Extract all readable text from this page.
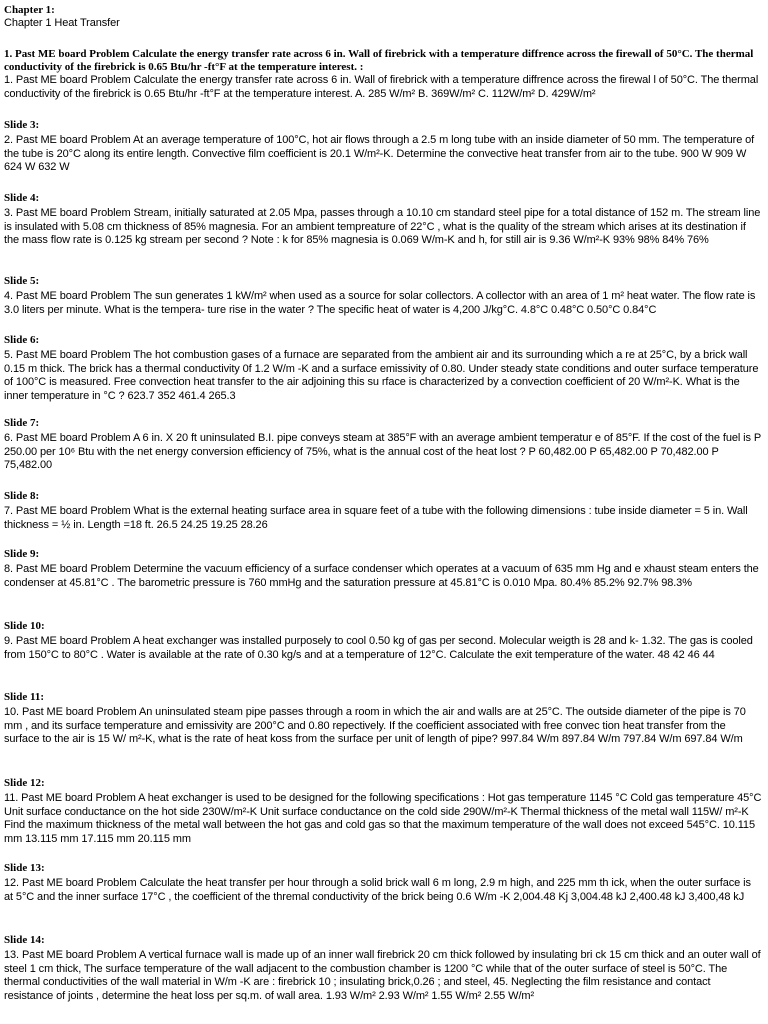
Chapter 1:
Chapter 1 Heat Transfer
1. Past ME board Problem Calculate the energy transfer rate across 6 in. Wall of firebrick with a temperature diffrence across the firewall of 50°C. The thermal conductivity of the firebrick is 0.65 Btu/hr -ft°F at the temperature interest. :
1. Past ME board Problem Calculate the energy transfer rate across 6 in. Wall of firebrick with a temperature diffrence across the firewal l of 50°C. The thermal conductivity of the firebrick is 0.65 Btu/hr -ft°F at the temperature interest. A. 285 W/m² B. 369W/m² C. 112W/m² D. 429W/m²
Slide 3:
2. Past ME board Problem At an average temperature of 100°C, hot air flows through a 2.5 m long tube with an inside diameter of 50 mm. The temperature of the tube is 20°C along its entire length. Convective film coefficient is 20.1 W/m²-K. Determine the convective heat transfer from air to the tube. 900 W 909 W 624 W 632 W
Slide 4:
3. Past ME board Problem Stream, initially saturated at 2.05 Mpa, passes through a 10.10 cm standard steel pipe for a total distance of 152 m. The stream line is insulated with 5.08 cm thickness of 85% magnesia. For an ambient tempreature of 22°C , what is the quality of the stream which arises at its destination if the mass flow rate is 0.125 kg stream per second ? Note : k for 85% magnesia is 0.069 W/m-K and h‚ for still air is 9.36 W/m²-K 93% 98% 84% 76%
Slide 5:
4. Past ME board Problem The sun generates 1 kW/m² when used as a source for solar collectors. A collector with an area of 1 m² heat water. The flow rate is 3.0 liters per minute. What is the tempera- ture rise in the water ? The specific heat of water is 4,200 J/kg°C. 4.8°C 0.48°C 0.50°C 0.84°C
Slide 6:
5. Past ME board Problem The hot combustion gases of a furnace are separated from the ambient air and its surrounding which a re at 25°C, by a brick wall 0.15 m thick. The brick has a thermal conductivity 0f 1.2 W/m -K and a surface emissivity of 0.80. Under steady state conditions and outer surface temperature of 100°C is measured. Free convection heat transfer to the air adjoining this su rface is characterized by a convection coefficient of 20 W/m²-K. What is the inner temperature in °C ? 623.7 352 461.4 265.3
Slide 7:
6. Past ME board Problem A 6 in. X 20 ft uninsulated B.I. pipe conveys steam at 385°F with an average ambient temperatur e of 85°F. If the cost of the fuel is P 250.00 per 10⁶ Btu with the net energy conversion efficiency of 75%, what is the annual cost of the heat lost ? P 60,482.00 P 65,482.00 P 70,482.00 P 75,482.00
Slide 8:
7. Past ME board Problem What is the external heating surface area in square feet of a tube with the following dimensions : tube inside diameter = 5 in. Wall thickness = ½ in. Length =18 ft. 26.5 24.25 19.25 28.26
Slide 9:
8. Past ME board Problem Determine the vacuum efficiency of a surface condenser which operates at a vacuum of 635 mm Hg and e xhaust steam enters the condenser at 45.81°C . The barometric pressure is 760 mmHg and the saturation pressure at 45.81°C is 0.010 Mpa. 80.4% 85.2% 92.7% 98.3%
Slide 10:
9. Past ME board Problem A heat exchanger was installed purposely to cool 0.50 kg of gas per second. Molecular weigth is 28 and k- 1.32. The gas is cooled from 150°C to 80°C . Water is available at the rate of 0.30 kg/s and at a temperature of 12°C. Calculate the exit temperature of the water. 48 42 46 44
Slide 11:
10. Past ME board Problem An uninsulated steam pipe passes through a room in which the air and walls are at 25°C. The outside diameter of the pipe is 70 mm , and its surface temperature and emissivity are 200°C and 0.80 repectively. If the coefficient associated with free convec tion heat transfer from the surface to the air is 15 W/ m²-K, what is the rate of heat koss from the surface per unit of length of pipe? 997.84 W/m 897.84 W/m 797.84 W/m 697.84 W/m
Slide 12:
11. Past ME board Problem A heat exchanger is used to be designed for the following specifications : Hot gas temperature 1145 °C Cold gas temperature 45°C Unit surface conductance on the hot side 230W/m²-K Unit surface conductance on the cold side 290W/m²-K Thermal thickness of the metal wall 115W/ m²-K Find the maximum thickness of the metal wall between the hot gas and cold gas so that the maximum temperature of the wall does not exceed 545°C. 10.115 mm 13.115 mm 17.115 mm 20.115 mm
Slide 13:
12. Past ME board Problem Calculate the heat transfer per hour through a solid brick wall 6 m long, 2.9 m high, and 225 mm th ick, when the outer surface is at 5°C and the inner surface 17°C , the coefficient of the thremal conductivity of the brick being 0.6 W/m -K 2,004.48 Kj 3,004.48 kJ 2,400.48 kJ 3,400,48 kJ
Slide 14:
13. Past ME board Problem A vertical furnace wall is made up of an inner wall firebrick 20 cm thick followed by insulating bri ck 15 cm thick and an outer wall of steel 1 cm thick, The surface temperature of the wall adjacent to the combustion chamber is 1200 °C while that of the outer surface of steel is 50°C. The thermal conductivities of the wall material in W/m -K are : firebrick 10 ; insulating brick,0.26 ; and steel, 45. Neglecting the film resistance and contact resistance of joints , determine the heat loss per sq.m. of wall area. 1.93 W/m² 2.93 W/m² 1.55 W/m² 2.55 W/m²
